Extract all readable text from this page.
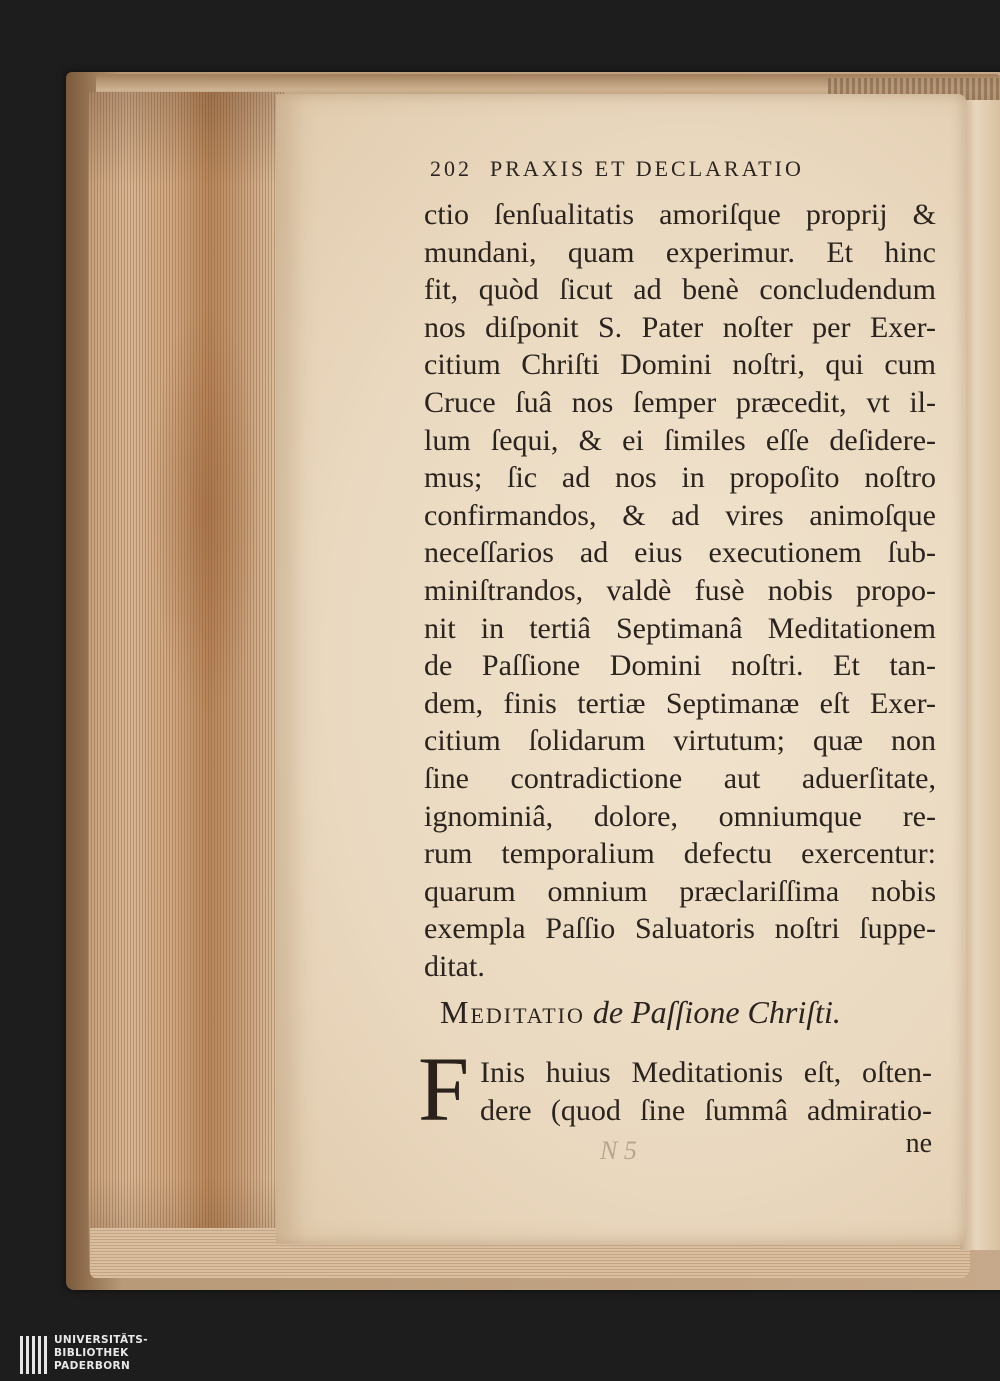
202 PRAXIS ET DECLARATIO
ctio ſenſualitatis amoriſque proprij &
mundani, quam experimur. Et hinc
fit, quòd ſicut ad benè concludendum
nos diſponit S. Pater noſter per Exer-
citium Chriſti Domini noſtri, qui cum
Cruce ſuâ nos ſemper præcedit, vt il-
lum ſequi, & ei ſimiles eſſe deſidere-
mus; ſic ad nos in propoſito noſtro
confirmandos, & ad vires animoſque
neceſſarios ad eius executionem ſub-
miniſtrandos, valdè fusè nobis propo-
nit in tertiâ Septimanâ Meditationem
de Paſſione Domini noſtri. Et tan-
dem, finis tertiæ Septimanæ eſt Exer-
citium ſolidarum virtutum; quæ non
ſine contradictione aut aduerſitate,
ignominiâ, dolore, omniumque re-
rum temporalium defectu exercentur:
quarum omnium præclariſſima nobis
exempla Paſſio Saluatoris noſtri ſuppe-
ditat.
Meditatio de Paſſione Chriſti.
F Inis huius Meditationis eſt, oſten-
dere (quod ſine ſummâ admiratio-
N 5	ne
UNIVERSITÄTS-
BIBLIOTHEK
PADERBORN
